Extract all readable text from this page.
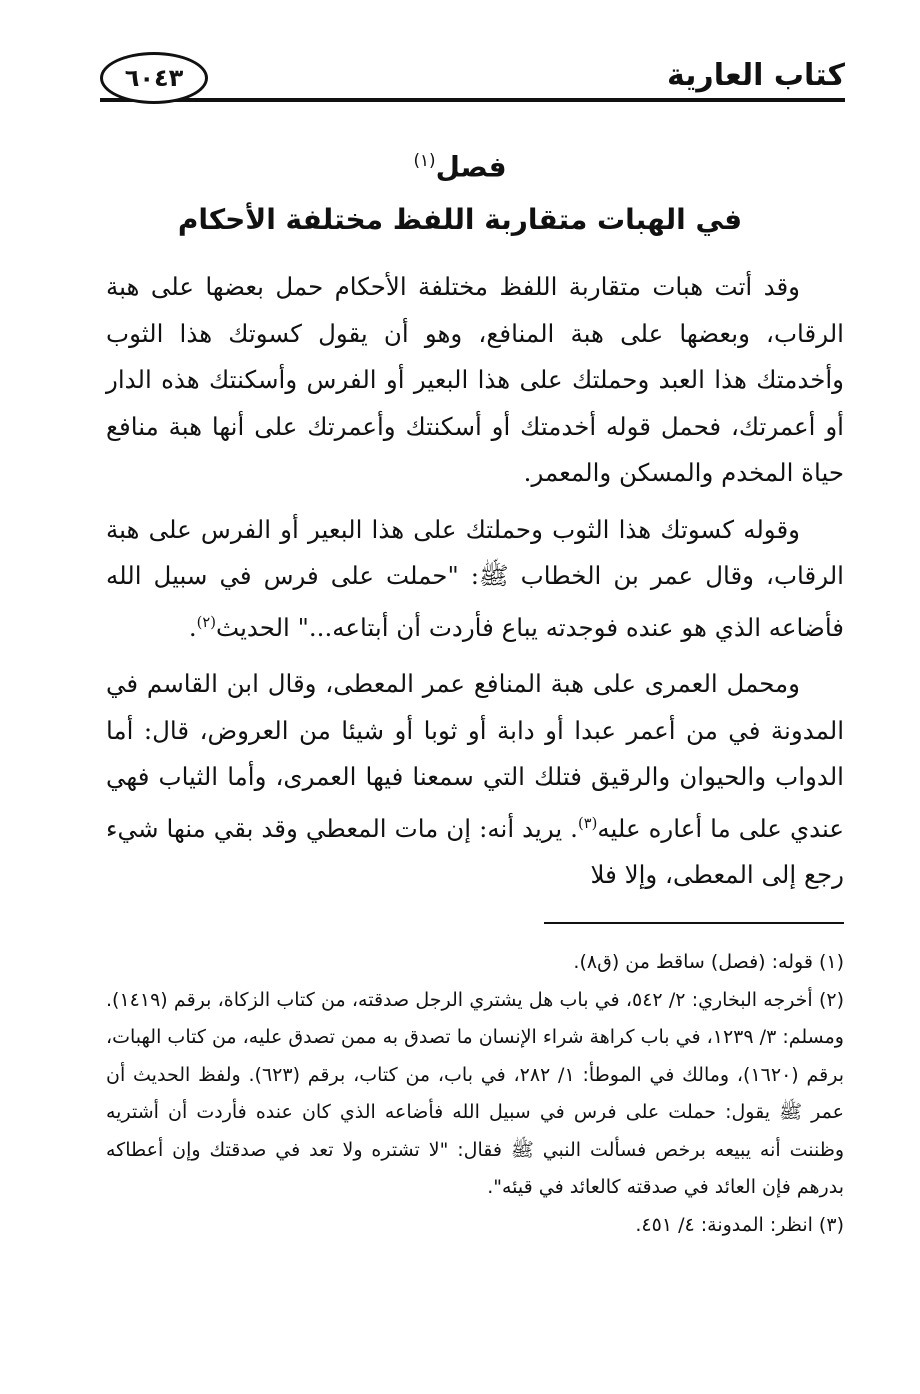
كتاب العارية
٦٠٤٣
فصل$^{(١)}$
في الهبات متقاربة اللفظ مختلفة الأحكام

وقد أتت هبات متقاربة اللفظ مختلفة الأحكام حمل بعضها على هبة الرقاب، وبعضها على هبة المنافع، وهو أن يقول كسوتك هذا الثوب وأخدمتك هذا العبد وحملتك على هذا البعير أو الفرس وأسكنتك هذه الدار أو أعمرتك، فحمل قوله أخدمتك أو أسكنتك وأعمرتك على أنها هبة منافع حياة المخدم والمسكن والمعمر.

وقوله كسوتك هذا الثوب وحملتك على هذا البعير أو الفرس على هبة الرقاب، وقال عمر بن الخطاب ﷺ: "حملت على فرس في سبيل الله فأضاعه الذي هو عنده فوجدته يباع فأردت أن أبتاعه..." الحديث$^{(٢)}$.

ومحمل العمرى على هبة المنافع عمر المعطى، وقال ابن القاسم في المدونة في من أعمر عبدا أو دابة أو ثوبا أو شيئا من العروض، قال: أما الدواب والحيوان والرقيق فتلك التي سمعنا فيها العمرى، وأما الثياب فهي عندي على ما أعاره عليه$^{(٣)}$. يريد أنه: إن مات المعطي وقد بقي منها شيء رجع إلى المعطى، وإلا فلا

(١) قوله: (فصل) ساقط من (ق٨).

(٢) أخرجه البخاري: ٢/ ٥٤٢، في باب هل يشتري الرجل صدقته، من كتاب الزكاة، برقم (١٤١٩). ومسلم: ٣/ ١٢٣٩، في باب كراهة شراء الإنسان ما تصدق به ممن تصدق عليه، من كتاب الهبات، برقم (١٦٢٠)، ومالك في الموطأ: ١/ ٢٨٢، في باب، من كتاب، برقم (٦٢٣). ولفظ الحديث أن عمر ﷺ يقول: حملت على فرس في سبيل الله فأضاعه الذي كان عنده فأردت أن أشتريه وظننت أنه يبيعه برخص فسألت النبي ﷺ فقال: "لا تشتره ولا تعد في صدقتك وإن أعطاكه بدرهم فإن العائد في صدقته كالعائد في قيئه".

(٣) انظر: المدونة: ٤/ ٤٥١.
